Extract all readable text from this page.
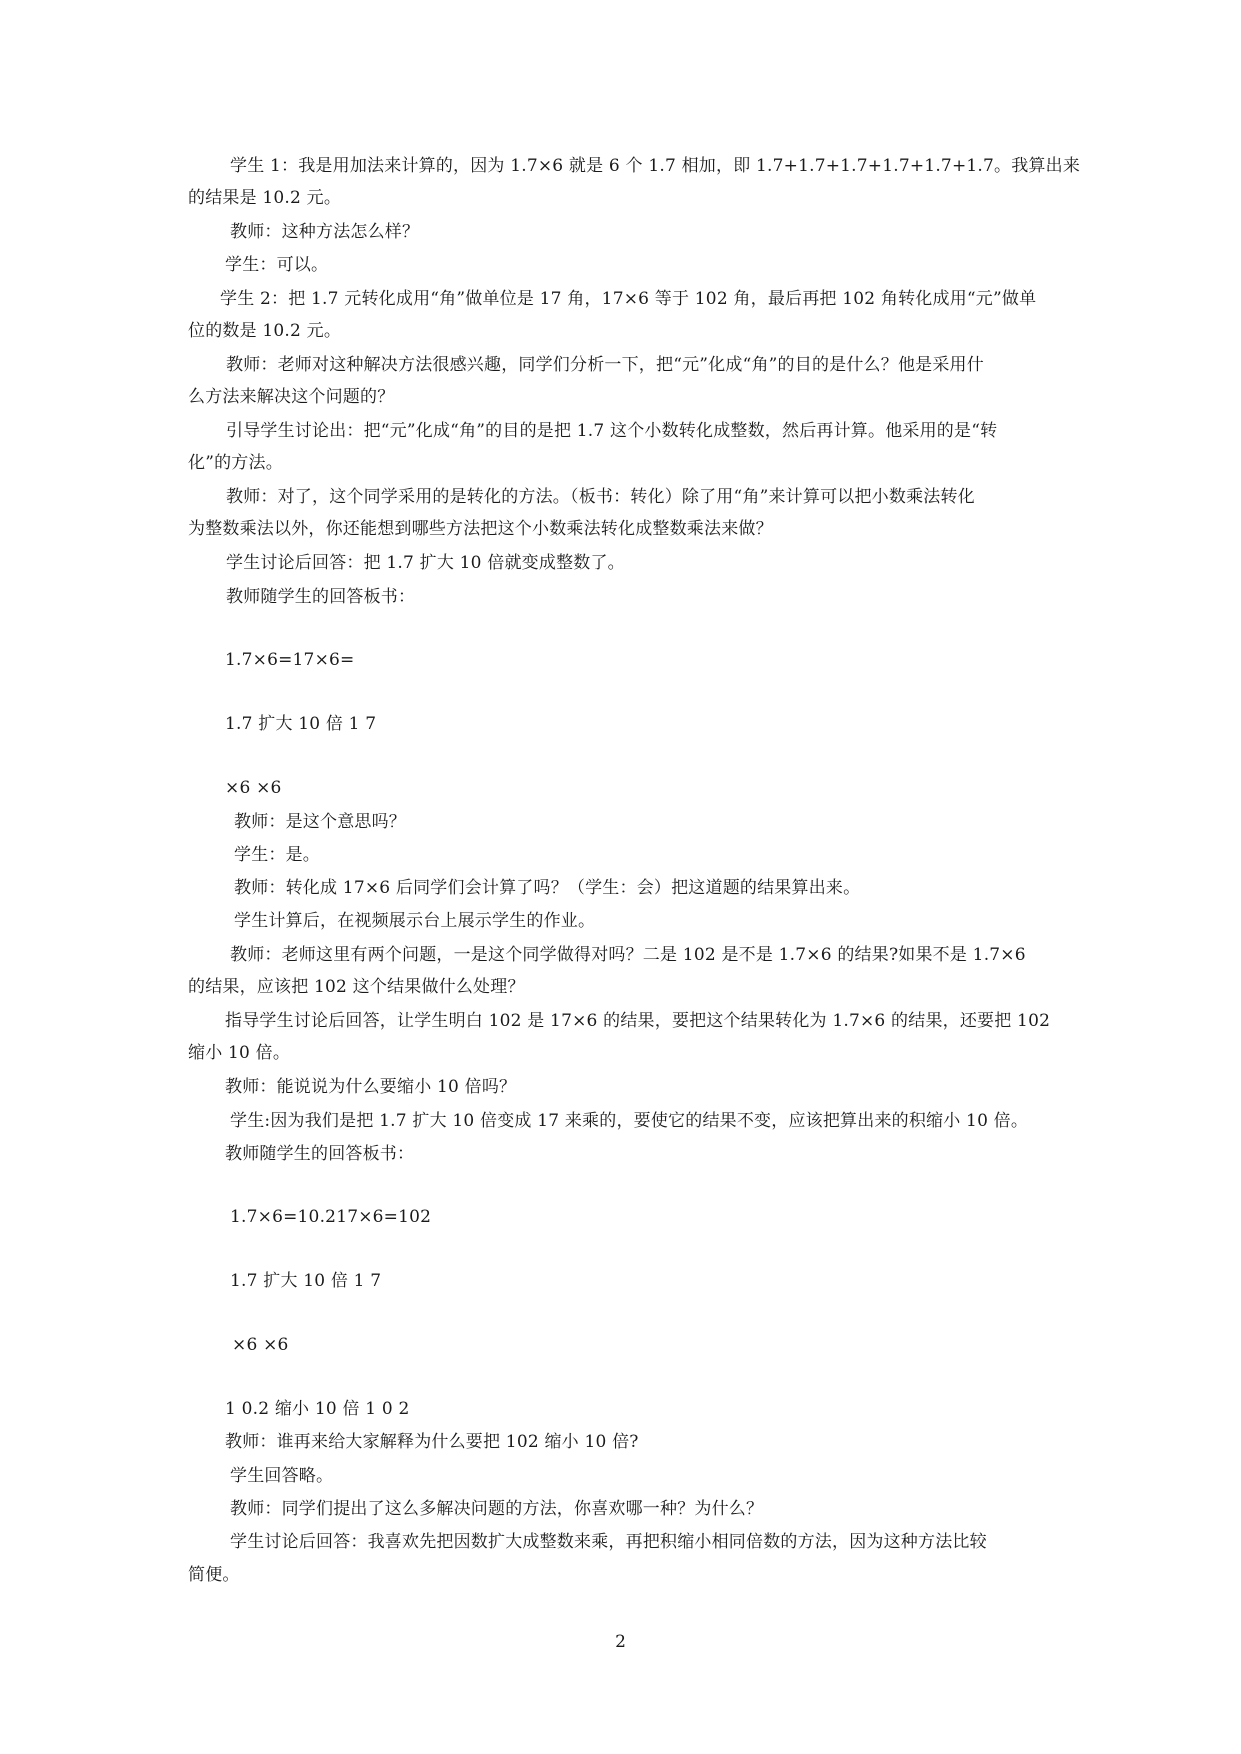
学生 1：我是用加法来计算的，因为 1.7×6 就是 6 个 1.7 相加，即 1.7+1.7+1.7+1.7+1.7+1.7。我算出来

的结果是 10.2 元。

教师：这种方法怎么样？

学生：可以。

学生 2：把 1.7 元转化成用“角”做单位是 17 角，17×6 等于 102 角，最后再把 102 角转化成用“元”做单

位的数是 10.2 元。

教师：老师对这种解决方法很感兴趣，同学们分析一下，把“元”化成“角”的目的是什么？他是采用什

么方法来解决这个问题的？

引导学生讨论出：把“元”化成“角”的目的是把 1.7 这个小数转化成整数，然后再计算。他采用的是“转

化”的方法。

教师：对了，这个同学采用的是转化的方法。（板书：转化）除了用“角”来计算可以把小数乘法转化

为整数乘法以外，你还能想到哪些方法把这个小数乘法转化成整数乘法来做？

学生讨论后回答：把 1.7 扩大 10 倍就变成整数了。

教师随学生的回答板书：

1.7×6=17×6=

1.7 扩大 10 倍 1 7

×6 ×6

教师：是这个意思吗？

学生：是。

教师：转化成 17×6 后同学们会计算了吗？（学生：会）把这道题的结果算出来。

学生计算后，在视频展示台上展示学生的作业。

教师：老师这里有两个问题，一是这个同学做得对吗？二是 102 是不是 1.7×6 的结果?如果不是 1.7×6

的结果，应该把 102 这个结果做什么处理？

指导学生讨论后回答，让学生明白 102 是 17×6 的结果，要把这个结果转化为 1.7×6 的结果，还要把 102

缩小 10 倍。

教师：能说说为什么要缩小 10 倍吗？

学生:因为我们是把 1.7 扩大 10 倍变成 17 来乘的，要使它的结果不变，应该把算出来的积缩小 10 倍。

教师随学生的回答板书：

1.7×6=10.217×6=102

1.7 扩大 10 倍 1 7

×6 ×6

1 0.2 缩小 10 倍 1 0 2

教师：谁再来给大家解释为什么要把 102 缩小 10 倍?

学生回答略。

教师：同学们提出了这么多解决问题的方法，你喜欢哪一种？为什么？

学生讨论后回答：我喜欢先把因数扩大成整数来乘，再把积缩小相同倍数的方法，因为这种方法比较

简便。

2
